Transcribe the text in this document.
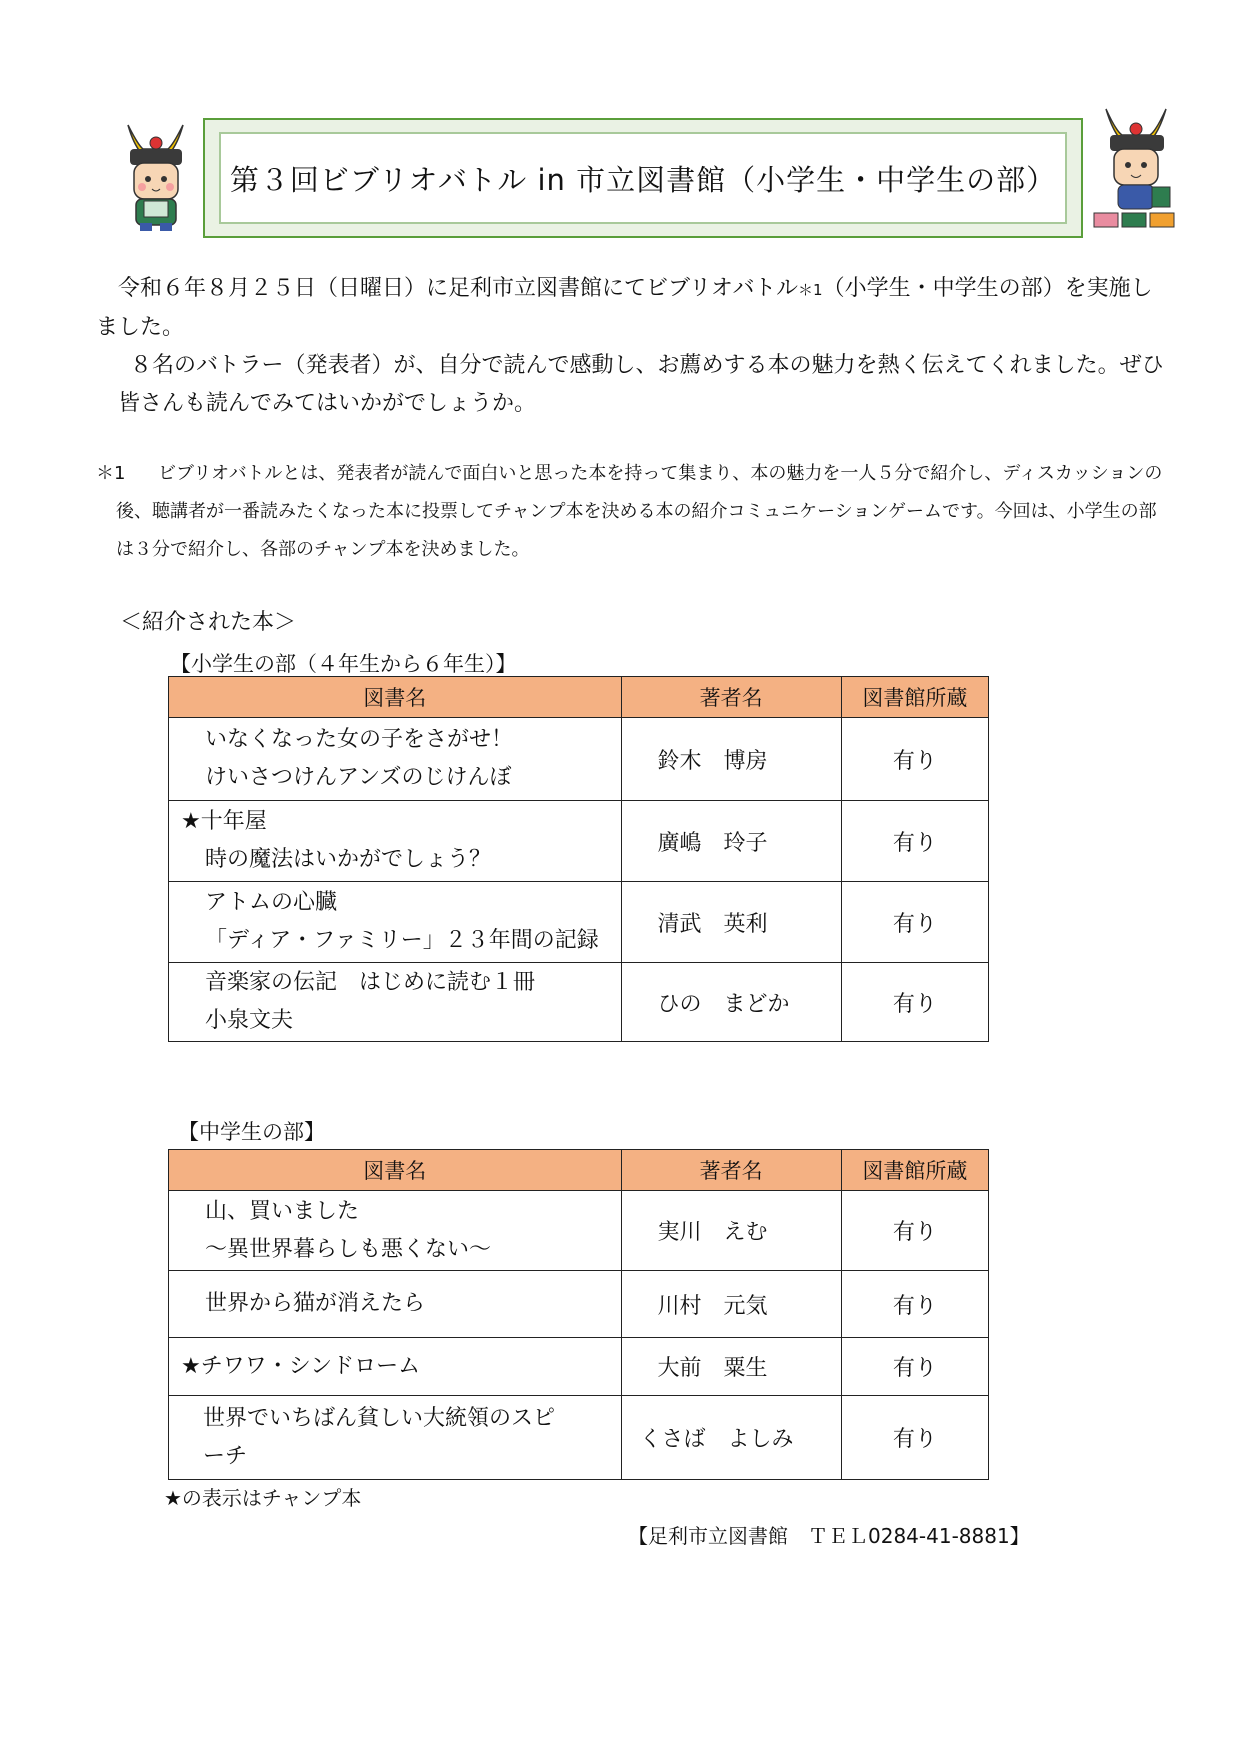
第３回ビブリオバトル in 市立図書館（小学生・中学生の部）

令和６年８月２５日（日曜日）に足利市立図書館にてビブリオバトル＊1（小学生・中学生の部）を実施しました。

８名のバトラー（発表者）が、自分で読んで感動し、お薦めする本の魅力を熱く伝えてくれました。ぜひ皆さんも読んでみてはいかがでしょうか。

＊1	ビブリオバトルとは、発表者が読んで面白いと思った本を持って集まり、本の魅力を一人５分で紹介し、ディスカッションの後、聴講者が一番読みたくなった本に投票してチャンプ本を決める本の紹介コミュニケーションゲームです。今回は、小学生の部は３分で紹介し、各部のチャンプ本を決めました。

＜紹介された本＞
【小学生の部（４年生から６年生）】
図書名	著者名	図書館所蔵

いなくなった女の子をさがせ！
けいさつけんアンズのじけんぼ	鈴木　博房	有り

★十年屋
時の魔法はいかがでしょう？	廣嶋　玲子	有り

アトムの心臓
「ディア・ファミリー」２３年間の記録	清武　英利	有り

音楽家の伝記　はじめに読む１冊
小泉文夫	ひの　まどか	有り
【中学生の部】
図書名	著者名	図書館所蔵

山、買いました
～異世界暮らしも悪くない～	実川　えむ	有り

世界から猫が消えたら	川村　元気	有り

★チワワ・シンドローム	大前　粟生	有り

世界でいちばん貧しい大統領のスピ
ーチ	くさば　よしみ	有り
★の表示はチャンプ本
【足利市立図書館　ＴＥＬ0284-41-8881】
